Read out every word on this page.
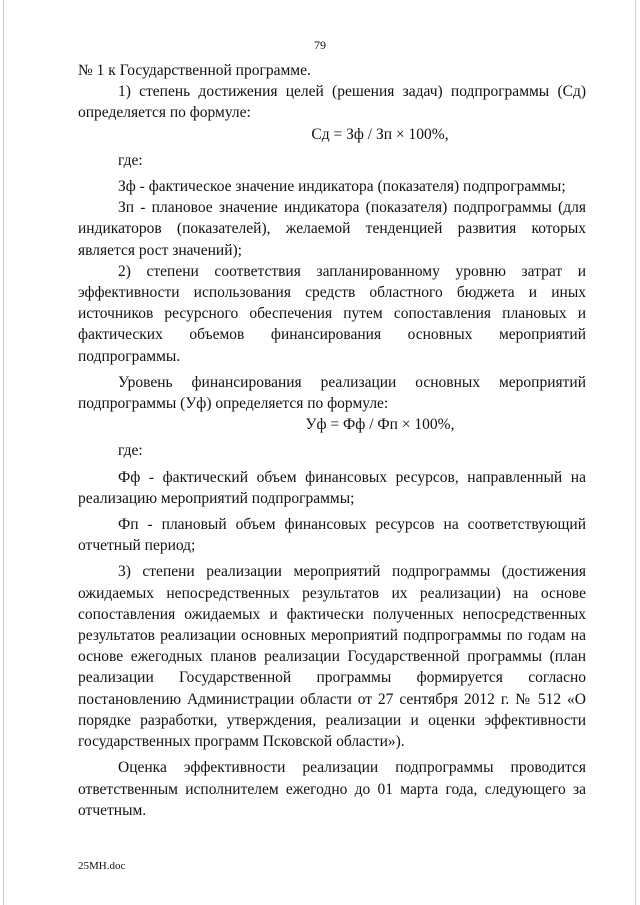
79

№ 1 к Государственной программе.

1) степень достижения целей (решения задач) подпрограммы (Сд) определяется по формуле:

Сд = Зф / Зп × 100%,

где:

Зф - фактическое значение индикатора (показателя) подпрограммы;

Зп - плановое значение индикатора (показателя) подпрограммы (для индикаторов (показателей), желаемой тенденцией развития которых является рост значений);

2) степени соответствия запланированному уровню затрат и эффективности использования средств областного бюджета и иных источников ресурсного обеспечения путем сопоставления плановых и фактических объемов финансирования основных мероприятий подпрограммы.

Уровень финансирования реализации основных мероприятий подпрограммы (Уф) определяется по формуле:

Уф = Фф / Фп × 100%,

где:

Фф - фактический объем финансовых ресурсов, направленный на реализацию мероприятий подпрограммы;

Фп - плановый объем финансовых ресурсов на соответствующий отчетный период;

3) степени реализации мероприятий подпрограммы (достижения ожидаемых непосредственных результатов их реализации) на основе сопоставления ожидаемых и фактически полученных непосредственных результатов реализации основных мероприятий подпрограммы по годам на основе ежегодных планов реализации Государственной программы (план реализации Государственной программы формируется согласно постановлению Администрации области от 27 сентября 2012 г. № 512 «О порядке разработки, утверждения, реализации и оценки эффективности государственных программ Псковской области»).

Оценка эффективности реализации подпрограммы проводится ответственным исполнителем ежегодно до 01 марта года, следующего за отчетным.

25МН.doc
